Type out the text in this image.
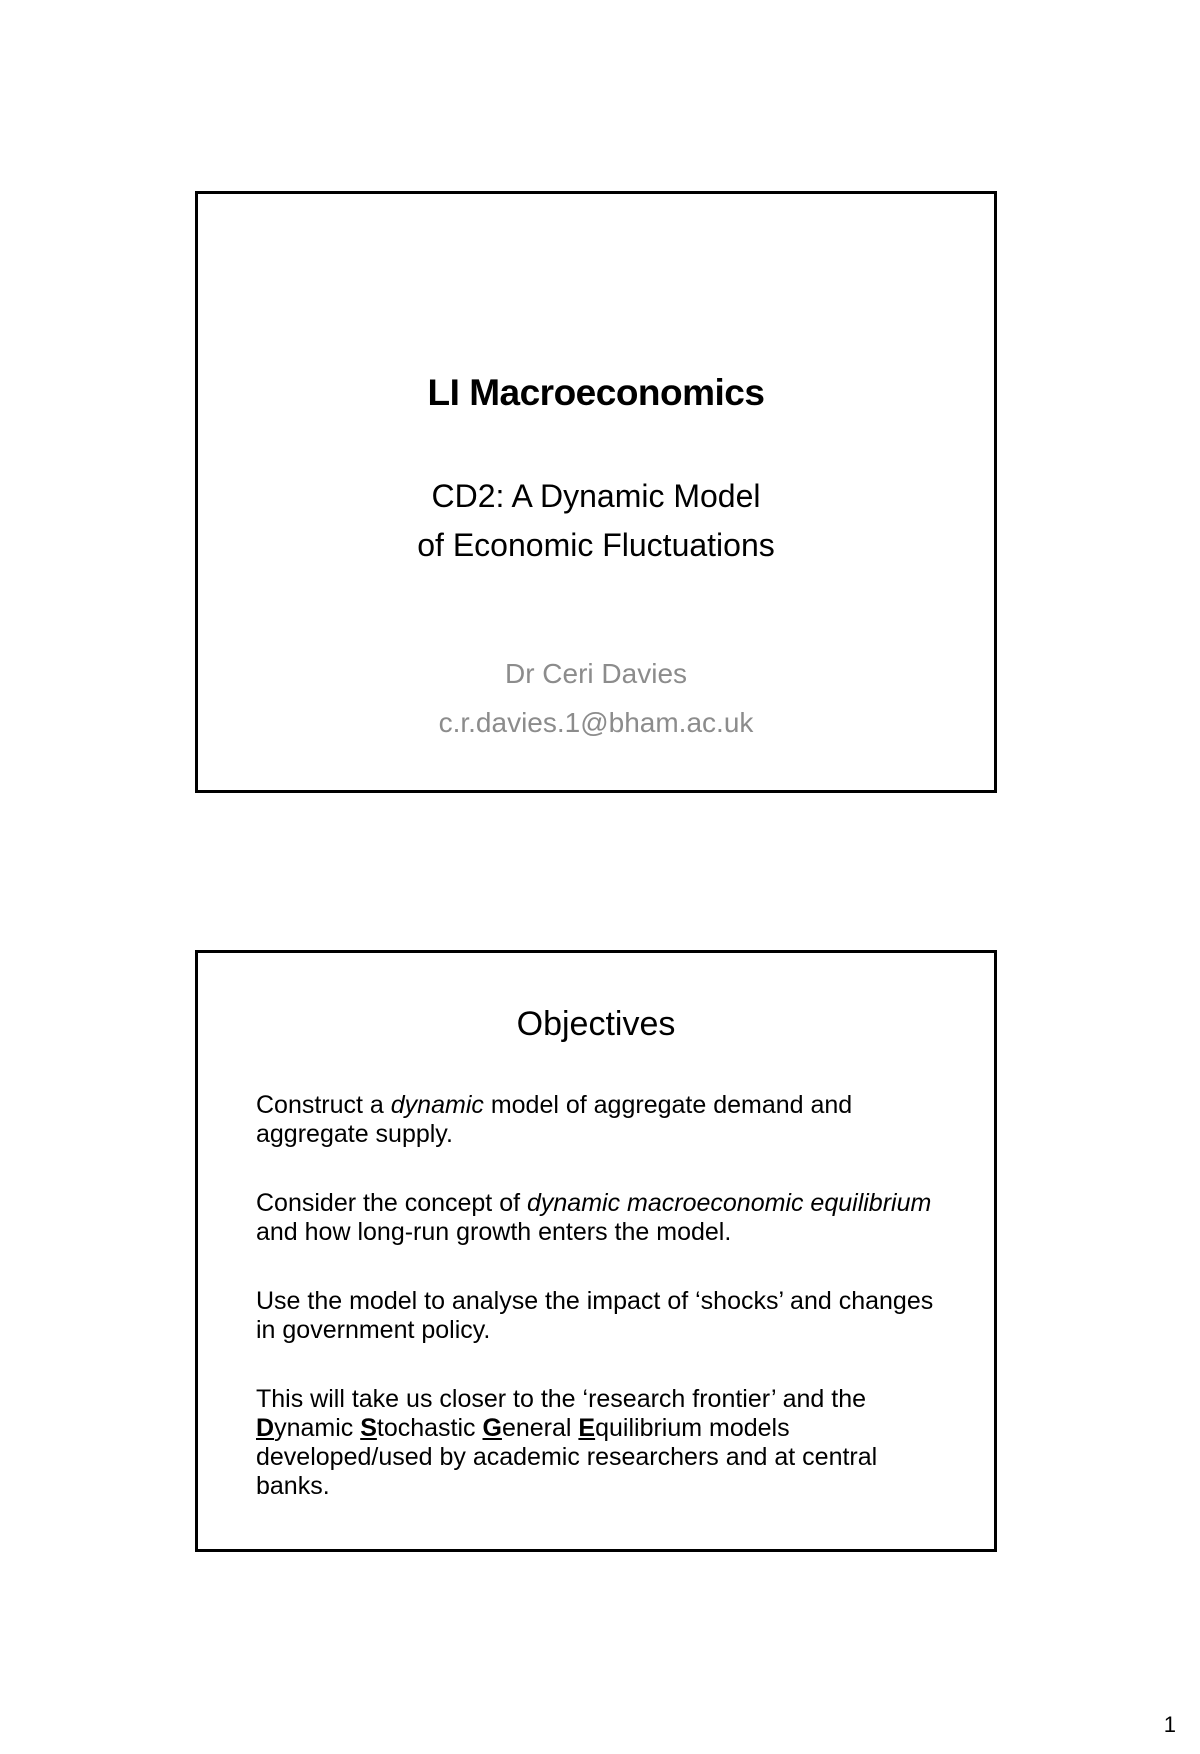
LI Macroeconomics
CD2: A Dynamic Model
of Economic Fluctuations
Dr Ceri Davies
c.r.davies.1@bham.ac.uk
Objectives
Construct a dynamic model of aggregate demand and aggregate supply.
Consider the concept of dynamic macroeconomic equilibrium and how long-run growth enters the model.
Use the model to analyse the impact of ‘shocks’ and changes in government policy.
This will take us closer to the ‘research frontier’ and the Dynamic Stochastic General Equilibrium models developed/used by academic researchers and at central banks.
1
